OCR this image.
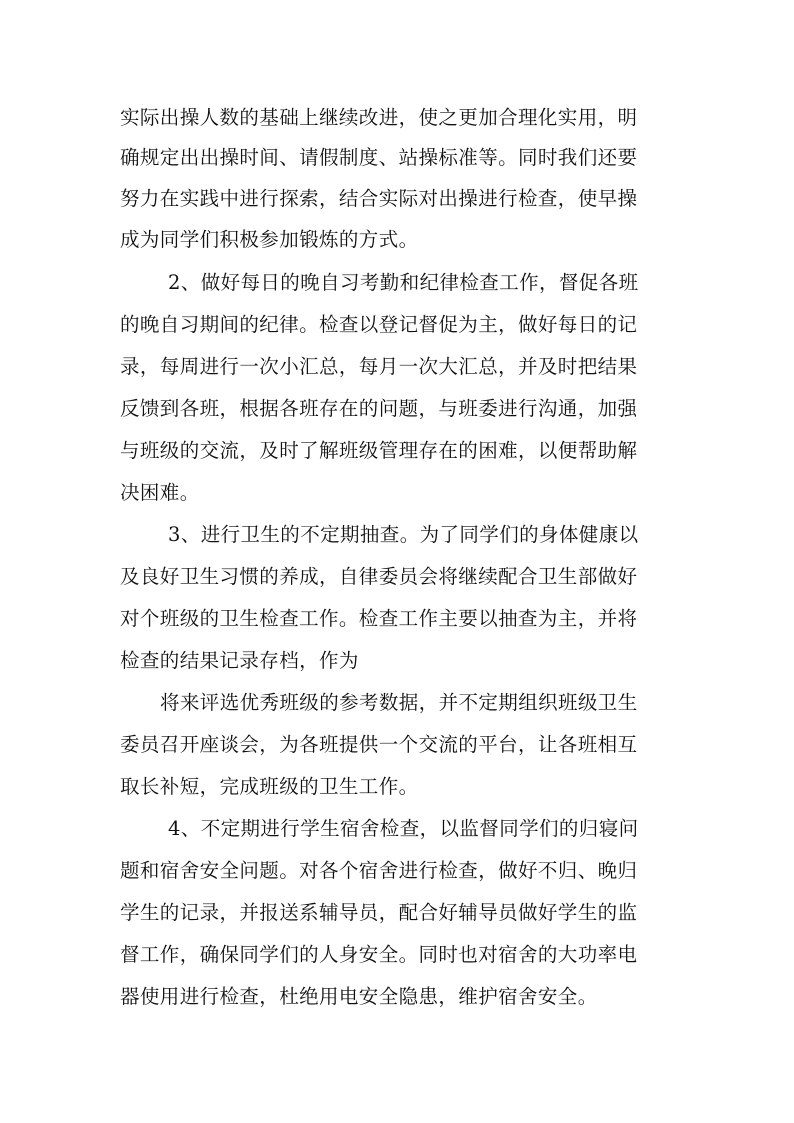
实际出操人数的基础上继续改进，使之更加合理化实用，明
确规定出出操时间、请假制度、站操标准等。同时我们还要
努力在实践中进行探索，结合实际对出操进行检查，使早操
成为同学们积极参加锻炼的方式。
2、做好每日的晚自习考勤和纪律检查工作，督促各班
的晚自习期间的纪律。检查以登记督促为主，做好每日的记
录，每周进行一次小汇总，每月一次大汇总，并及时把结果
反馈到各班，根据各班存在的问题，与班委进行沟通，加强
与班级的交流，及时了解班级管理存在的困难，以便帮助解
决困难。
3、进行卫生的不定期抽查。为了同学们的身体健康以
及良好卫生习惯的养成，自律委员会将继续配合卫生部做好
对个班级的卫生检查工作。检查工作主要以抽查为主，并将
检查的结果记录存档，作为
将来评选优秀班级的参考数据，并不定期组织班级卫生
委员召开座谈会，为各班提供一个交流的平台，让各班相互
取长补短，完成班级的卫生工作。
4、不定期进行学生宿舍检查，以监督同学们的归寝问
题和宿舍安全问题。对各个宿舍进行检查，做好不归、晚归
学生的记录，并报送系辅导员，配合好辅导员做好学生的监
督工作，确保同学们的人身安全。同时也对宿舍的大功率电
器使用进行检查，杜绝用电安全隐患，维护宿舍安全。
